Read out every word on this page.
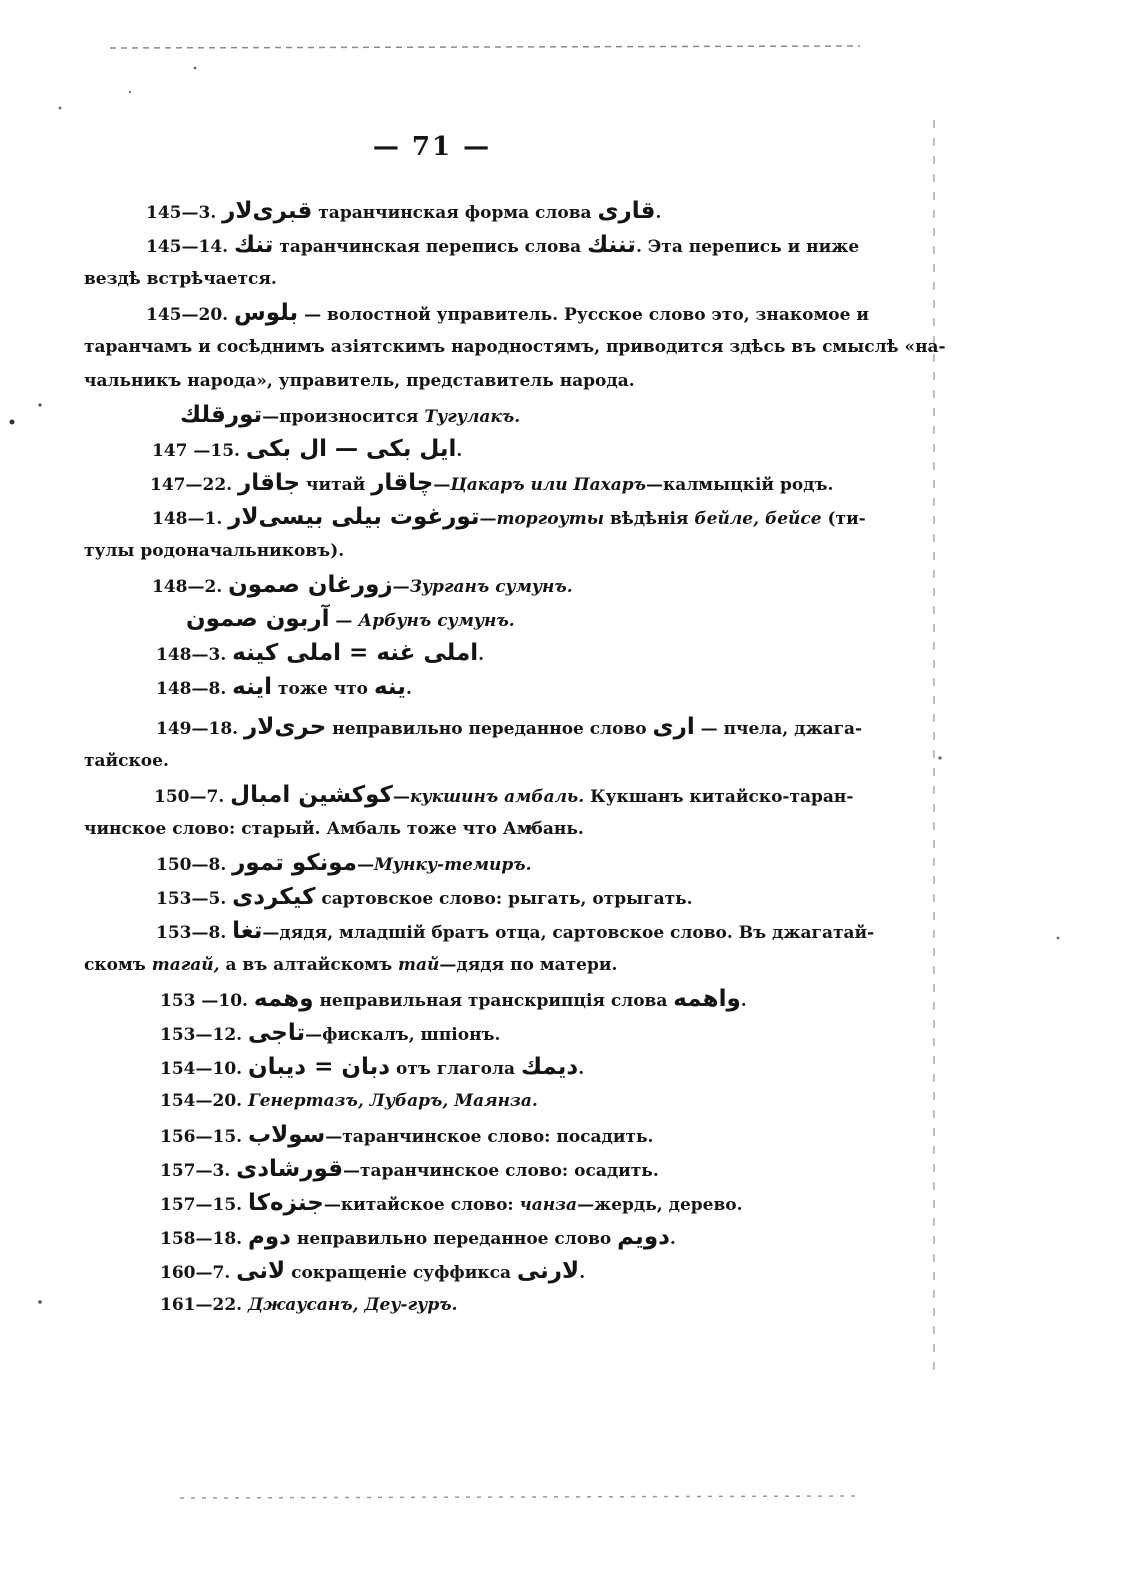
— 71 —
145—3. قبری‌لار таранчинская форма слова قاری.
145—14. تنك таранчинская перепись слова تننك. Эта перепись и ниже
вездѣ встрѣчается.
145—20. بلوس — волостной управитель. Русское слово это, знакомое и
таранчамъ и сосѣднимъ азіятскимъ народностямъ, приводится здѣсь въ смыслѣ «на-
чальникъ народа», управитель, представитель народа.
تورقلك—произносится Тугулакъ.
147 —15. ایل بکی — ال بکی.
147—22. جاقار читай چاقار—Цакаръ или Пахаръ—калмыцкій родъ.
148—1. تورغوت بیلی بیسی‌لار—торгоуты вѣдѣнія бейле, бейсе (ти-
тулы родоначальниковъ).
148—2. زورغان صمون—Зурганъ сумунъ.
آربون صمون — Арбунъ сумунъ.
148—3. املی غنه = املی کینه.
148—8. اینه тоже что ینه.
149—18. حری‌لار неправильно переданное слово اری — пчела, джага-
тайское.
150—7. کوکشین امبال—кукшинъ амбаль. Кукшанъ китайско-таран-
чинское слово: старый. Амбаль тоже что Амбань.
150—8. مونکو تمور—Мунку-темиръ.
153—5. کیکردی сартовское слово: рыгать, отрыгать.
153—8. تغا—дядя, младшій братъ отца, сартовское слово. Въ джагатай-
скомъ тагай, а въ алтайскомъ тай—дядя по матери.
153 —10. وهمه неправильная транскрипція слова واهمه.
153—12. تاجی—фискалъ, шпіонъ.
154—10. دبان = دیبان отъ глагола دیمك.
154—20. Генертазъ, Лубаръ, Маянза.
156—15. سولاب—таранчинское слово: посадить.
157—3. قورشادی—таранчинское слово: осадить.
157—15. جنزه‌کا—китайское слово: чанза—жердь, дерево.
158—18. دوم неправильно переданное слово دویم.
160—7. لانی сокращеніе суффикса لارنی.
161—22. Джаусанъ, Деу-гуръ.
